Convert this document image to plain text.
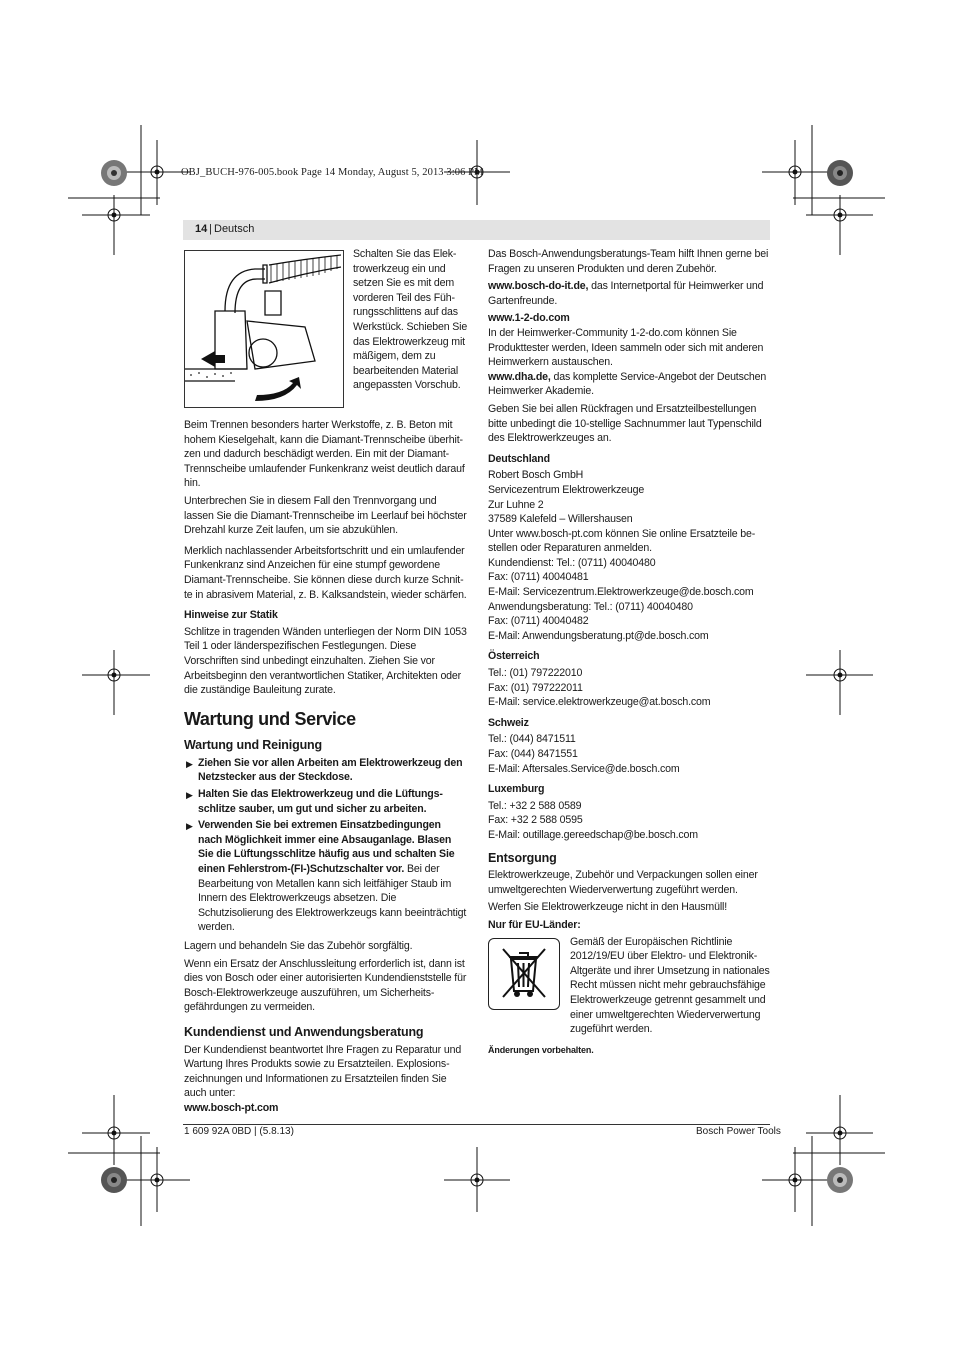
OBJ_BUCH-976-005.book Page 14 Monday, August 5, 2013 3:06 PM
14 | Deutsch
Schalten Sie das Elektrowerkzeug ein und setzen Sie es mit dem vorderen Teil des Führungsschlittens auf das Werkstück. Schieben Sie das Elektrowerkzeug mit mäßigem, dem zu bearbeitenden Material angepassten Vorschub.

Beim Trennen besonders harter Werkstoffe, z. B. Beton mit hohem Kieselgehalt, kann die Diamant-Trennscheibe überhitzen und dadurch beschädigt werden. Ein mit der Diamant-Trennscheibe umlaufender Funkenkranz weist deutlich darauf hin.

Unterbrechen Sie in diesem Fall den Trennvorgang und lassen Sie die Diamant-Trennscheibe im Leerlauf bei höchster Drehzahl kurze Zeit laufen, um sie abzukühlen.

Merklich nachlassender Arbeitsfortschritt und ein umlaufender Funkenkranz sind Anzeichen für eine stumpf gewordene Diamant-Trennscheibe. Sie können diese durch kurze Schnitte in abrasivem Material, z. B. Kalksandstein, wieder schärfen.

Hinweise zur Statik

Schlitze in tragenden Wänden unterliegen der Norm DIN 1053 Teil 1 oder länderspezifischen Festlegungen. Diese Vorschriften sind unbedingt einzuhalten. Ziehen Sie vor Arbeitsbeginn den verantwortlichen Statiker, Architekten oder die zuständige Bauleitung zurate.

Wartung und Service
Wartung und Reinigung
▶ Ziehen Sie vor allen Arbeiten am Elektrowerkzeug den Netzstecker aus der Steckdose.
▶ Halten Sie das Elektrowerkzeug und die Lüftungsschlitze sauber, um gut und sicher zu arbeiten.
▶ Verwenden Sie bei extremen Einsatzbedingungen nach Möglichkeit immer eine Absauganlage. Blasen Sie die Lüftungsschlitze häufig aus und schalten Sie einen Fehlerstrom-(FI-)Schutzschalter vor. Bei der Bearbeitung von Metallen kann sich leitfähiger Staub im Innern des Elektrowerkzeugs absetzen. Die Schutzisolierung des Elektrowerkzeugs kann beeinträchtigt werden.

Lagern und behandeln Sie das Zubehör sorgfältig.

Wenn ein Ersatz der Anschlussleitung erforderlich ist, dann ist dies von Bosch oder einer autorisierten Kundendienststelle für Bosch-Elektrowerkzeuge auszuführen, um Sicherheitsgefährdungen zu vermeiden.

Kundendienst und Anwendungsberatung

Der Kundendienst beantwortet Ihre Fragen zu Reparatur und Wartung Ihres Produkts sowie zu Ersatzteilen. Explosionszeichnungen und Informationen zu Ersatzteilen finden Sie auch unter:

www.bosch-pt.com

Das Bosch-Anwendungsberatungs-Team hilft Ihnen gerne bei Fragen zu unseren Produkten und deren Zubehör.

www.bosch-do-it.de, das Internetportal für Heimwerker und Gartenfreunde.

www.1-2-do.com

In der Heimwerker-Community 1-2-do.com können Sie Produkttester werden, Ideen sammeln oder sich mit anderen Heimwerkern austauschen.

www.dha.de, das komplette Service-Angebot der Deutschen Heimwerker Akademie.

Geben Sie bei allen Rückfragen und Ersatzteilbestellungen bitte unbedingt die 10-stellige Sachnummer laut Typenschild des Elektrowerkzeuges an.

Deutschland
Robert Bosch GmbH
Servicezentrum Elektrowerkzeuge
Zur Luhne 2
37589 Kalefeld – Willershausen
Unter www.bosch-pt.com können Sie online Ersatzteile bestellen oder Reparaturen anmelden.
Kundendienst: Tel.: (0711) 40040480
Fax: (0711) 40040481
E-Mail: Servicezentrum.Elektrowerkzeuge@de.bosch.com
Anwendungsberatung: Tel.: (0711) 40040480
Fax: (0711) 40040482
E-Mail: Anwendungsberatung.pt@de.bosch.com
Österreich
Tel.: (01) 797222010
Fax: (01) 797222011
E-Mail: service.elektrowerkzeuge@at.bosch.com
Schweiz
Tel.: (044) 8471511
Fax: (044) 8471551
E-Mail: Aftersales.Service@de.bosch.com
Luxemburg
Tel.: +32 2 588 0589
Fax: +32 2 588 0595
E-Mail: outillage.gereedschap@be.bosch.com
Entsorgung

Elektrowerkzeuge, Zubehör und Verpackungen sollen einer umweltgerechten Wiederverwertung zugeführt werden.

Werfen Sie Elektrowerkzeuge nicht in den Hausmüll!

Nur für EU-Länder:
Gemäß der Europäischen Richtlinie 2012/19/EU über Elektro- und Elektronik-Altgeräte und ihrer Umsetzung in nationales Recht müssen nicht mehr gebrauchsfähige Elektrowerkzeuge getrennt gesammelt und einer umweltgerechten Wiederverwertung zugeführt werden.

Änderungen vorbehalten.

1 609 92A 0BD | (5.8.13)	Bosch Power Tools
